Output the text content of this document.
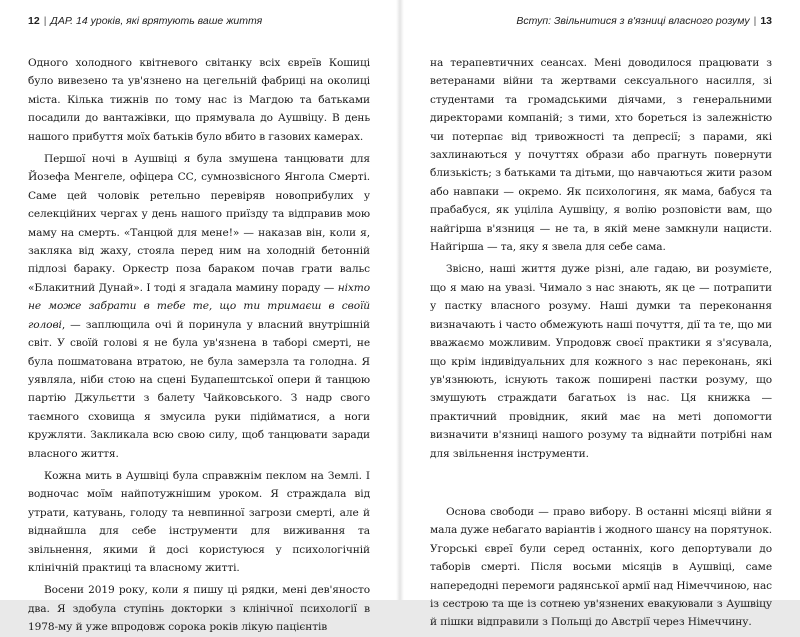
12 | ДАР. 14 уроків, які врятують ваше життя

Одного холодного квітневого світанку всіх євреїв Кошиці було вивезено та ув'язнено на цегельній фабриці на околиці міста. Кілька тижнів по тому нас із Магдою та батьками посадили до вантажівки, що прямувала до Аушвіцу. В день нашого прибуття моїх батьків було вбито в газових камерах.

Першої ночі в Аушвіці я була змушена танцювати для Йозефа Менгеле, офіцера СС, сумнозвісного Янгола Смерті. Саме цей чоловік ретельно перевіряв новоприбулих у селекційних чергах у день нашого приїзду та відправив мою маму на смерть. «Танцюй для мене!» — наказав він, коли я, закляка від жаху, стояла перед ним на холодній бетонній підлозі бараку. Оркестр поза бараком почав грати вальс «Блакитний Дунай». І тоді я згадала мамину пораду — ніхто не може забрати в тебе те, що ти тримаєш в своїй голові, — заплющила очі й поринула у власний внутрішній світ. У своїй голові я не була ув'язнена в таборі смерті, не була пошматована втратою, не була замерзла та голодна. Я уявляла, ніби стою на сцені Будапештської опери й танцюю партію Джульєтти з балету Чайковського. З надр свого таємного сховища я змусила руки підійматися, а ноги кружляти. Закликала всю свою силу, щоб танцювати заради власного життя.

Кожна мить в Аушвіці була справжнім пеклом на Землі. І водночас моїм найпотужнішим уроком. Я страждала від утрати, катувань, голоду та невпинної загрози смерті, але й віднайшла для себе інструменти для виживання та звільнення, якими й досі користуюся у психологічній клінічній практиці та власному житті.

Восени 2019 року, коли я пишу ці рядки, мені дев'яносто два. Я здобула ступінь докторки з клінічної психології в 1978-му й уже впродовж сорока років лікую пацієнтів

Вступ: Звільнитися з в'язниці власного розуму | 13

на терапевтичних сеансах. Мені доводилося працювати з ветеранами війни та жертвами сексуального насилля, зі студентами та громадськими діячами, з генеральними директорами компаній; з тими, хто бореться із залежністю чи потерпає від тривожності та депресії; з парами, які захлинаються у почуттях образи або прагнуть повернути близькість; з батьками та дітьми, що навчаються жити разом або навпаки — окремо. Як психологиня, як мама, бабуся та прабабуся, як уціліла Аушвіцу, я волію розповісти вам, що найгірша в'язниця — не та, в якій мене замкнули нацисти. Найгірша — та, яку я звела для себе сама.

Звісно, наші життя дуже різні, але гадаю, ви розумієте, що я маю на увазі. Чимало з нас знають, як це — потрапити у пастку власного розуму. Наші думки та переконання визначають і часто обмежують наші почуття, дії та те, що ми вважаємо можливим. Упродовж своєї практики я з'ясувала, що крім індивідуальних для кожного з нас переконань, які ув'язнюють, існують також поширені пастки розуму, що змушують страждати багатьох із нас. Ця книжка — практичний провідник, який має на меті допомогти визначити в'язниці нашого розуму та віднайти потрібні нам для звільнення інструменти.

Основа свободи — право вибору. В останні місяці війни я мала дуже небагато варіантів і жодного шансу на порятунок. Угорські євреї були серед останніх, кого депортували до таборів смерті. Після восьми місяців в Аушвіці, саме напередодні перемоги радянської армії над Німеччиною, нас із сестрою та ще із сотнею ув'язнених евакуювали з Аушвіцу й пішки відправили з Польщі до Австрії через Німеччину.
